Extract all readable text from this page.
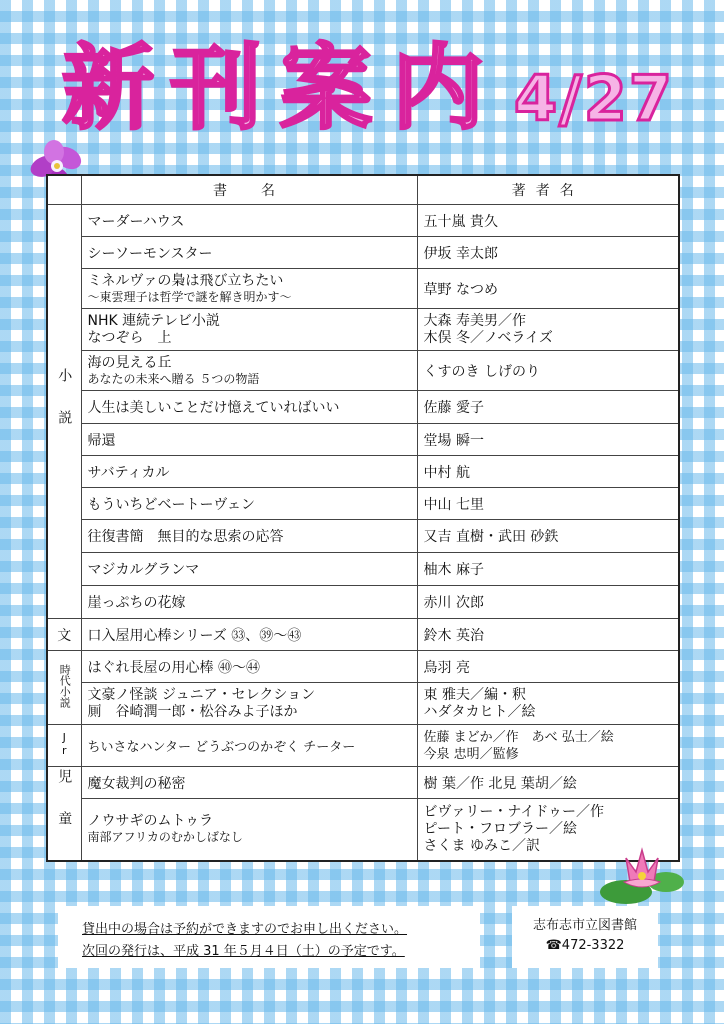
新 刊 案 内 4/27
	書　名	著者名
小説	マーダーハウス	五十嵐 貴久
	シーソーモンスター	伊坂 幸太郎

	ミネルヴァの梟は飛び立ちたい
～東雲理子は哲学で謎を解き明かす～	草野 なつめ

	NHK 連続テレビ小説
なつぞら　上	大森 寿美男／作
木俣 冬／ノベライズ

	海の見える丘
あなたの未来へ贈る ５つの物語	くすのき しげのり
	人生は美しいことだけ憶えていればいい	佐藤 愛子
	帰還	堂場 瞬一
	サバティカル	中村 航
	もういちどベートーヴェン	中山 七里
	往復書簡　無目的な思索の応答	又吉 直樹・武田 砂鉄
	マジカルグランマ	柚木 麻子
	崖っぷちの花嫁	赤川 次郎
文	口入屋用心棒シリーズ ㉝、㊴～㊸	鈴木 英治
時代小説	はぐれ長屋の用心棒 ㊵～㊹	鳥羽 亮

	文豪ノ怪談 ジュニア・セレクション
厠　谷崎潤一郎・松谷みよ子ほか	東 雅夫／編・釈
ハダタカヒト／絵

Jr	ちいさなハンター どうぶつのかぞく チーター	佐藤 まどか／作　あべ 弘士／絵
今泉 忠明／監修

児童	魔女裁判の秘密	樹 葉／作 北見 葉胡／絵

	ノウサギのムトゥラ
南部アフリカのむかしばなし	ビヴァリー・ナイドゥー／作
ピート・フロブラー／絵
さくま ゆみこ／訳
貸出中の場合は予約ができますのでお申し出ください。
次回の発行は、平成 31 年５月４日（土）の予定です。
志布志市立図書館
☎472-3322
